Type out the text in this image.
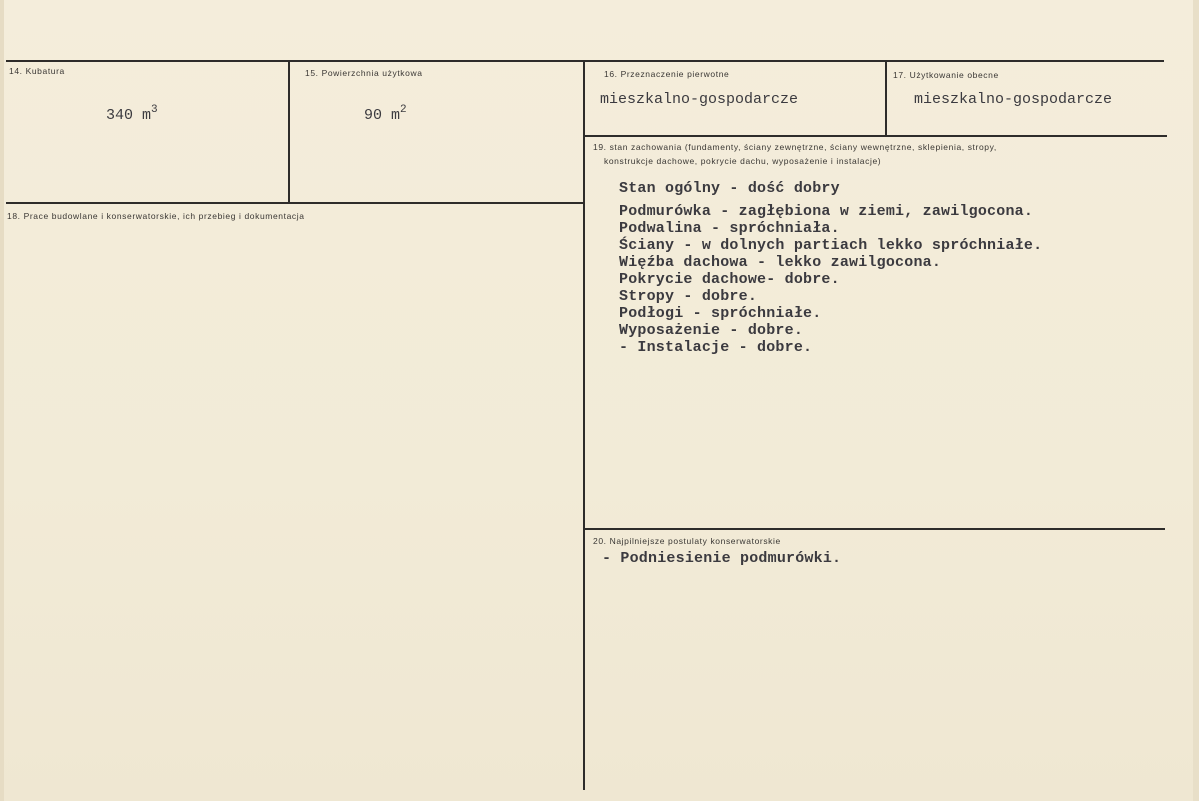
14. Kubatura
340 $m^3$
15. Powierzchnia użytkowa
90 $m^2$
16. Przeznaczenie pierwotne
mieszkalno-gospodarcze
17. Użytkowanie obecne
mieszkalno-gospodarcze
18. Prace budowlane i konserwatorskie, ich przebieg i dokumentacja
19. stan zachowania (fundamenty, ściany zewnętrzne, ściany wewnętrzne, sklepienia, stropy,
konstrukcje dachowe, pokrycie dachu, wyposażenie i instalacje)
Stan ogólny - dość dobry
Podmurówka - zagłębiona w ziemi, zawilgocona.
Podwalina - spróchniała.
Ściany - w dolnych partiach lekko spróchniałe.
Więźba dachowa - lekko zawilgocona.
Pokrycie dachowe- dobre.
Stropy - dobre.
Podłogi - spróchniałe.
Wyposażenie - dobre.
- Instalacje - dobre.
20. Najpilniejsze postulaty konserwatorskie
- Podniesienie podmurówki.
